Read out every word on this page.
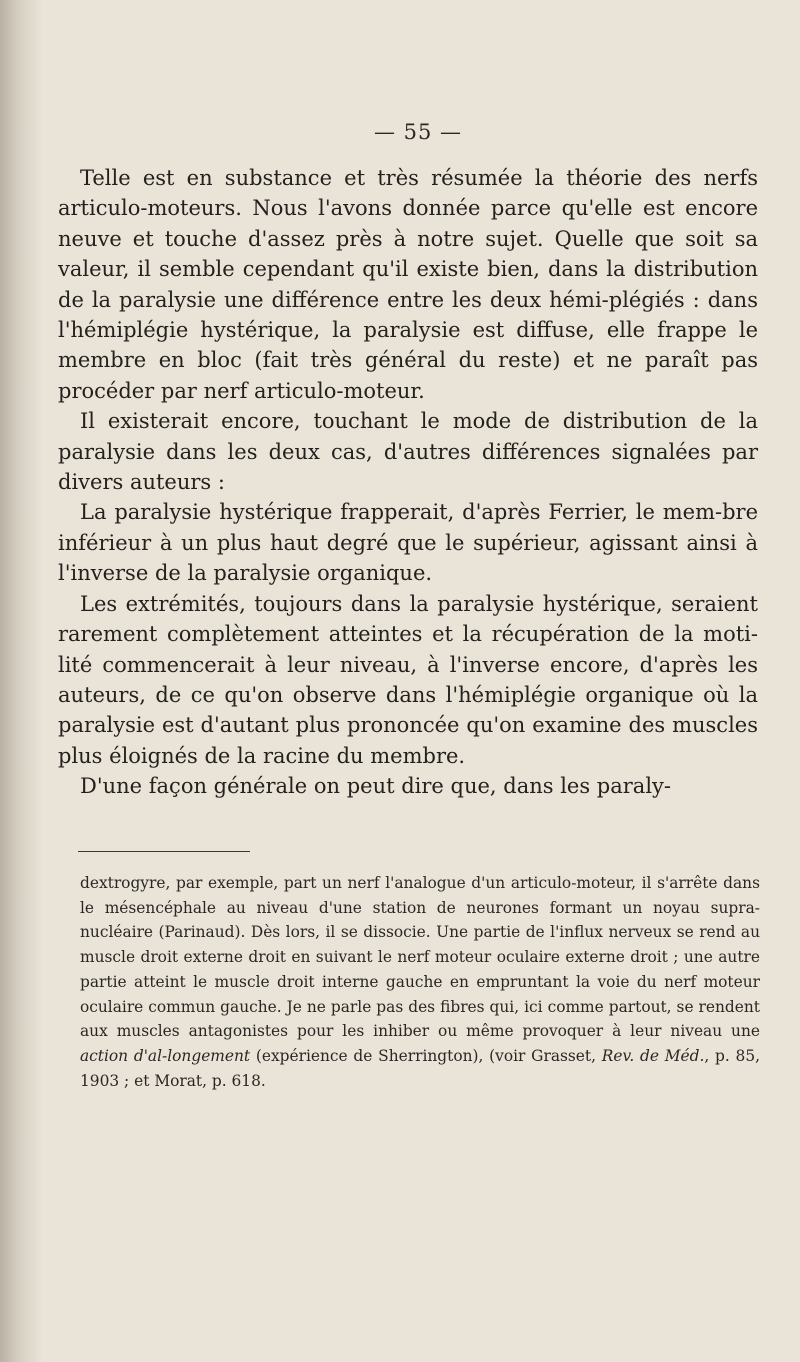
— 55 —

Telle est en substance et très résumée la théorie des nerfs articulo-moteurs. Nous l'avons donnée parce qu'elle est encore neuve et touche d'assez près à notre sujet. Quelle que soit sa valeur, il semble cependant qu'il existe bien, dans la distribution de la paralysie une différence entre les deux hémi-plégiés : dans l'hémiplégie hystérique, la paralysie est diffuse, elle frappe le membre en bloc (fait très général du reste) et ne paraît pas procéder par nerf articulo-moteur.

Il existerait encore, touchant le mode de distribution de la paralysie dans les deux cas, d'autres différences signalées par divers auteurs :

La paralysie hystérique frapperait, d'après Ferrier, le mem-bre inférieur à un plus haut degré que le supérieur, agissant ainsi à l'inverse de la paralysie organique.

Les extrémités, toujours dans la paralysie hystérique, seraient rarement complètement atteintes et la récupération de la moti-lité commencerait à leur niveau, à l'inverse encore, d'après les auteurs, de ce qu'on observe dans l'hémiplégie organique où la paralysie est d'autant plus prononcée qu'on examine des muscles plus éloignés de la racine du membre.

D'une façon générale on peut dire que, dans les paraly-

dextrogyre, par exemple, part un nerf l'analogue d'un articulo-moteur, il s'arrête dans le mésencéphale au niveau d'une station de neurones formant un noyau supra-nucléaire (Parinaud). Dès lors, il se dissocie. Une partie de l'influx nerveux se rend au muscle droit externe droit en suivant le nerf moteur oculaire externe droit ; une autre partie atteint le muscle droit interne gauche en empruntant la voie du nerf moteur oculaire commun gauche. Je ne parle pas des fibres qui, ici comme partout, se rendent aux muscles antagonistes pour les inhiber ou même provoquer à leur niveau une action d'al-longement (expérience de Sherrington), (voir Grasset, Rev. de Méd., p. 85, 1903 ; et Morat, p. 618.
